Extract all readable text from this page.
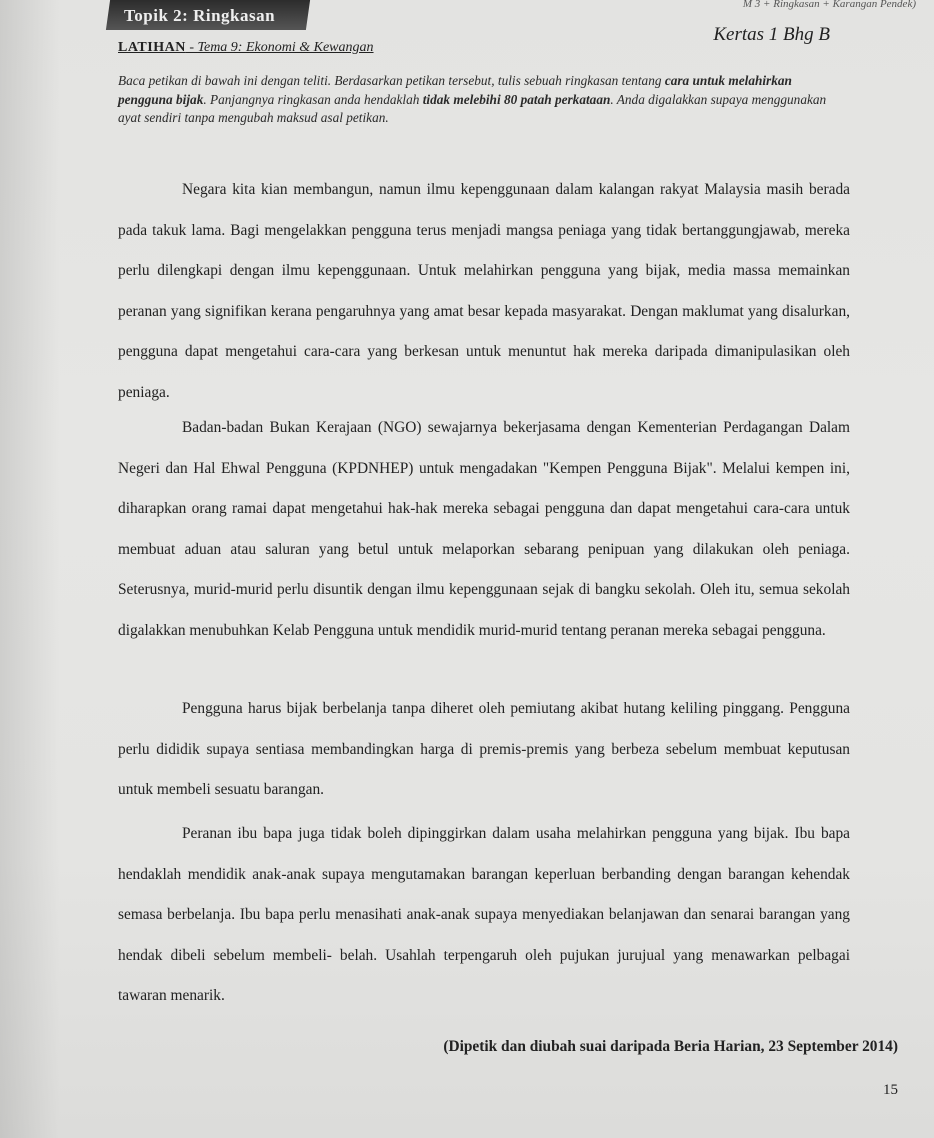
Topik 2: Ringkasan
M 3 + Ringkasan + Karangan Pendek)
Kertas 1 Bhg B
LATIHAN - Tema 9: Ekonomi & Kewangan
Baca petikan di bawah ini dengan teliti. Berdasarkan petikan tersebut, tulis sebuah ringkasan tentang cara untuk melahirkan pengguna bijak. Panjangnya ringkasan anda hendaklah tidak melebihi 80 patah perkataan. Anda digalakkan supaya menggunakan ayat sendiri tanpa mengubah maksud asal petikan.

Negara kita kian membangun, namun ilmu kepenggunaan dalam kalangan rakyat Malaysia masih berada pada takuk lama. Bagi mengelakkan pengguna terus menjadi mangsa peniaga yang tidak bertanggungjawab, mereka perlu dilengkapi dengan ilmu kepenggunaan. Untuk melahirkan pengguna yang bijak, media massa memainkan peranan yang signifikan kerana pengaruhnya yang amat besar kepada masyarakat. Dengan maklumat yang disalurkan, pengguna dapat mengetahui cara-cara yang berkesan untuk menuntut hak mereka daripada dimanipulasikan oleh peniaga.

Badan-badan Bukan Kerajaan (NGO) sewajarnya bekerjasama dengan Kementerian Perdagangan Dalam Negeri dan Hal Ehwal Pengguna (KPDNHEP) untuk mengadakan "Kempen Pengguna Bijak". Melalui kempen ini, diharapkan orang ramai dapat mengetahui hak-hak mereka sebagai pengguna dan dapat mengetahui cara-cara untuk membuat aduan atau saluran yang betul untuk melaporkan sebarang penipuan yang dilakukan oleh peniaga. Seterusnya, murid-murid perlu disuntik dengan ilmu kepenggunaan sejak di bangku sekolah. Oleh itu, semua sekolah digalakkan menubuhkan Kelab Pengguna untuk mendidik murid-murid tentang peranan mereka sebagai pengguna.

Pengguna harus bijak berbelanja tanpa diheret oleh pemiutang akibat hutang keliling pinggang. Pengguna perlu dididik supaya sentiasa membandingkan harga di premis-premis yang berbeza sebelum membuat keputusan untuk membeli sesuatu barangan.

Peranan ibu bapa juga tidak boleh dipinggirkan dalam usaha melahirkan pengguna yang bijak. Ibu bapa hendaklah mendidik anak-anak supaya mengutamakan barangan keperluan berbanding dengan barangan kehendak semasa berbelanja. Ibu bapa perlu menasihati anak-anak supaya menyediakan belanjawan dan senarai barangan yang hendak dibeli sebelum membeli- belah. Usahlah terpengaruh oleh pujukan jurujual yang menawarkan pelbagai tawaran menarik.

(Dipetik dan diubah suai daripada Beria Harian, 23 September 2014)
15
